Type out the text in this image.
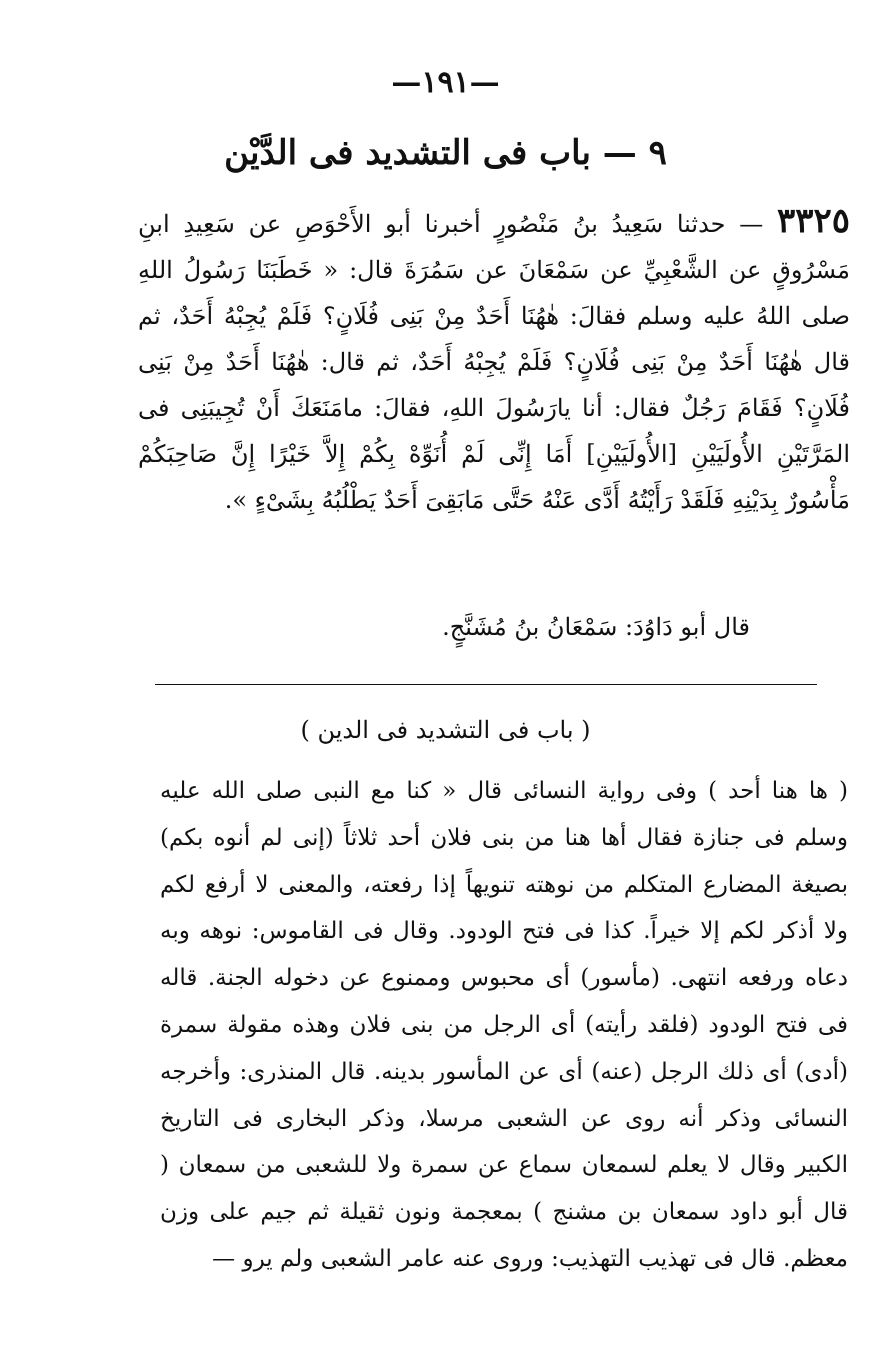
—١٩١—
٩ — باب فى التشديد فى الدَّيْن
٣٣٢٥ — حدثنا سَعِيدُ بنُ مَنْصُورٍ أخبرنا أبو الأَحْوَصِ عن سَعِيدِ ابنِ مَسْرُوقٍ عن الشَّعْبِيِّ عن سَمْعَانَ عن سَمُرَةَ قال: « خَطَبَنَا رَسُولُ اللهِ صلى اللهُ عليه وسلم فقالَ: هٰهُنَا أَحَدٌ مِنْ بَنِى فُلَانٍ؟ فَلَمْ يُجِبْهُ أَحَدٌ، ثم قال هٰهُنَا أَحَدٌ مِنْ بَنِى فُلَانٍ؟ فَلَمْ يُجِبْهُ أَحَدٌ، ثم قال: هٰهُنَا أَحَدٌ مِنْ بَنِى فُلَانٍ؟ فَقَامَ رَجُلٌ فقال: أنا يارَسُولَ اللهِ، فقالَ: مامَنَعَكَ أَنْ تُجِيبَنِى فى المَرَّتَيْنِ الأُولَيَيْنِ [الأُولَيَيْنِ] أَمَا إِنِّى لَمْ أُنَوِّهْ بِكُمْ إِلاَّ خَيْرًا إِنَّ صَاحِبَكُمْ مَأْسُورٌ بِدَيْنِهِ فَلَقَدْ رَأَيْتُهُ أَدَّى عَنْهُ حَتَّى مَابَقِىَ أَحَدٌ يَطْلُبُهُ بِشَىْءٍ ».
قال أبو دَاوُدَ: سَمْعَانُ بنُ مُشَنَّجٍ.
( باب فى التشديد فى الدين )
( ها هنا أحد ) وفى رواية النسائى قال « كنا مع النبى صلى الله عليه وسلم فى جنازة فقال أها هنا من بنى فلان أحد ثلاثاً (إنى لم أنوه بكم) بصيغة المضارع المتكلم من نوهته تنويهاً إذا رفعته، والمعنى لا أرفع لكم ولا أذكر لكم إلا خيراً. كذا فى فتح الودود. وقال فى القاموس: نوهه وبه دعاه ورفعه انتهى. (مأسور) أى محبوس وممنوع عن دخوله الجنة. قاله فى فتح الودود (فلقد رأيته) أى الرجل من بنى فلان وهذه مقولة سمرة (أدى) أى ذلك الرجل (عنه) أى عن المأسور بدينه. قال المنذرى: وأخرجه النسائى وذكر أنه روى عن الشعبى مرسلا، وذكر البخارى فى التاريخ الكبير وقال لا يعلم لسمعان سماع عن سمرة ولا للشعبى من سمعان ( قال أبو داود سمعان بن مشنج ) بمعجمة ونون ثقيلة ثم جيم على وزن معظم. قال فى تهذيب التهذيب: وروى عنه عامر الشعبى ولم يرو —
